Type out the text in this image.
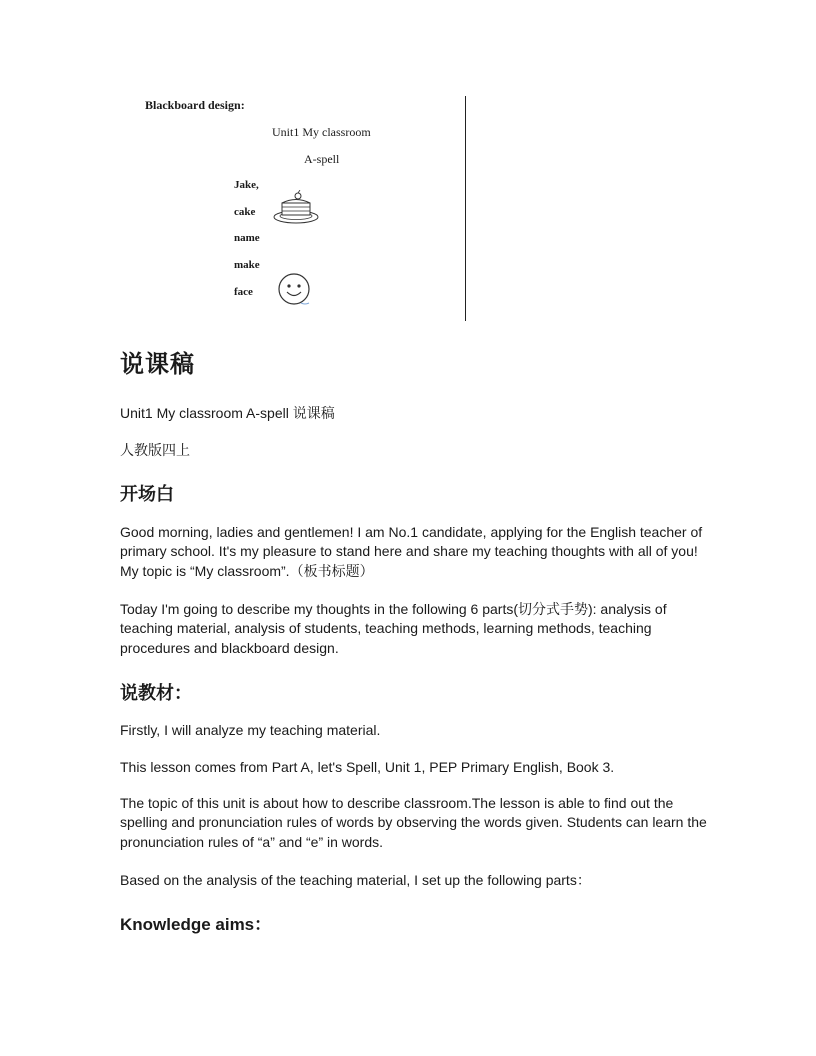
Blackboard design:
Unit1 My classroom
A-spell
Jake,
cake
name
make
face
说课稿
Unit1 My classroom A-spell 说课稿
人教版四上
开场白
Good morning, ladies and gentlemen! I am No.1 candidate, applying for the English teacher of primary school. It's my pleasure to stand here and share my teaching thoughts with all of you! My topic is “My classroom”.（板书标题）
Today I'm going to describe my thoughts in the following 6 parts(切分式手势): analysis of teaching material, analysis of students, teaching methods, learning methods, teaching procedures and blackboard design.
说教材：
Firstly, I will analyze my teaching material.
This lesson comes from Part A, let's Spell, Unit 1, PEP Primary English, Book 3.
The topic of this unit is about how to describe classroom.The lesson is able to find out the spelling and pronunciation rules of words by observing the words given. Students can learn the pronunciation rules of “a” and “e” in words.
Based on the analysis of the teaching material, I set up the following parts：
Knowledge aims：
